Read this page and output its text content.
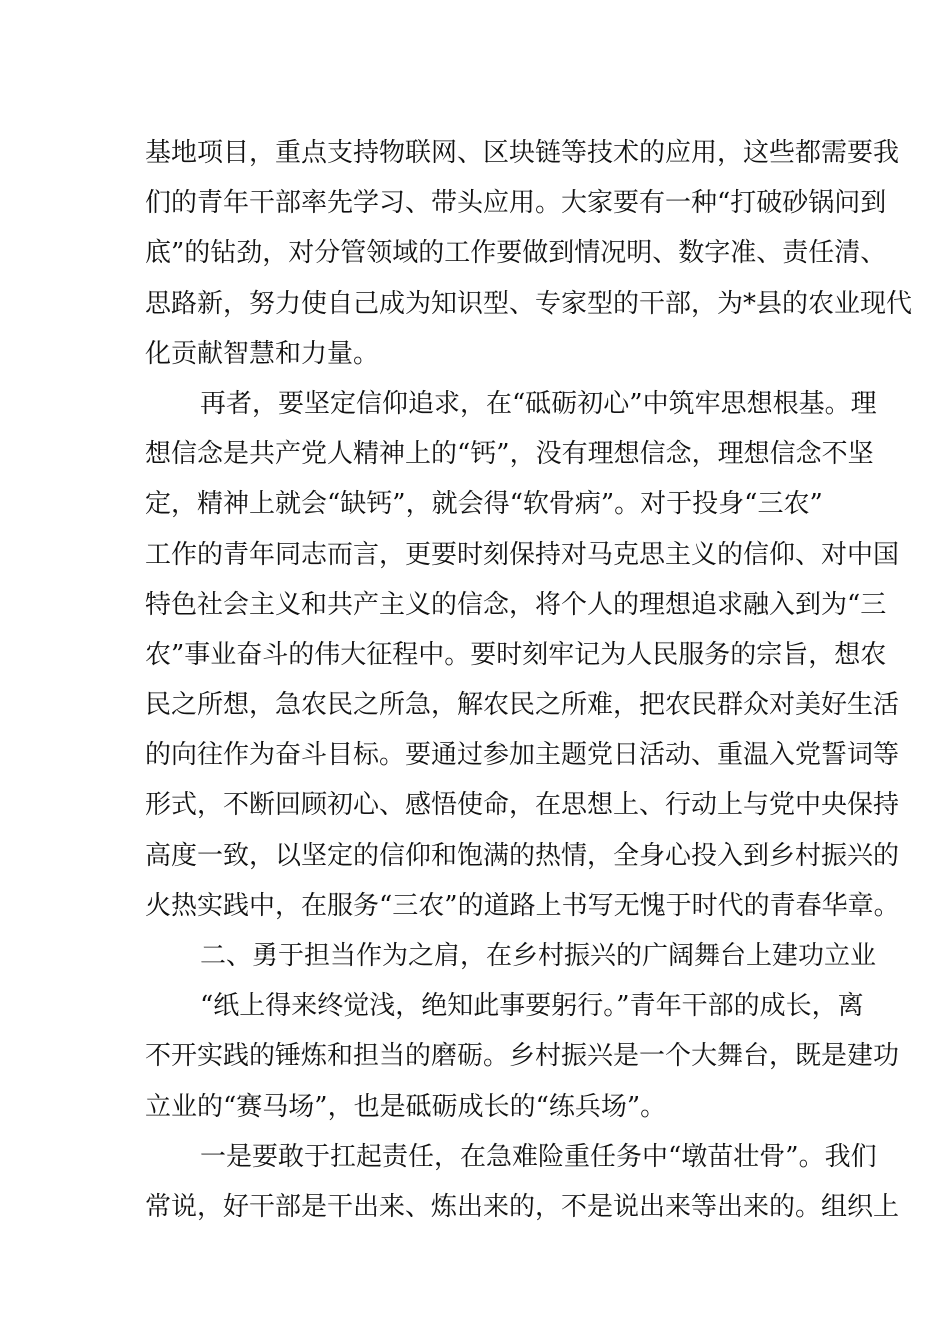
基地项目，重点支持物联网、区块链等技术的应用，这些都需要我
们的青年干部率先学习、带头应用。大家要有一种“打破砂锅问到
底”的钻劲，对分管领域的工作要做到情况明、数字准、责任清、
思路新，努力使自己成为知识型、专家型的干部，为*县的农业现代
化贡献智慧和力量。
再者，要坚定信仰追求，在“砥砺初心”中筑牢思想根基。理
想信念是共产党人精神上的“钙”，没有理想信念，理想信念不坚
定，精神上就会“缺钙”，就会得“软骨病”。对于投身“三农”
工作的青年同志而言，更要时刻保持对马克思主义的信仰、对中国
特色社会主义和共产主义的信念，将个人的理想追求融入到为“三
农”事业奋斗的伟大征程中。要时刻牢记为人民服务的宗旨，想农
民之所想，急农民之所急，解农民之所难，把农民群众对美好生活
的向往作为奋斗目标。要通过参加主题党日活动、重温入党誓词等
形式，不断回顾初心、感悟使命，在思想上、行动上与党中央保持
高度一致，以坚定的信仰和饱满的热情，全身心投入到乡村振兴的
火热实践中，在服务“三农”的道路上书写无愧于时代的青春华章。
二、勇于担当作为之肩，在乡村振兴的广阔舞台上建功立业
“纸上得来终觉浅，绝知此事要躬行。”青年干部的成长，离
不开实践的锤炼和担当的磨砺。乡村振兴是一个大舞台，既是建功
立业的“赛马场”，也是砥砺成长的“练兵场”。
一是要敢于扛起责任，在急难险重任务中“墩苗壮骨”。我们
常说，好干部是干出来、炼出来的，不是说出来等出来的。组织上
